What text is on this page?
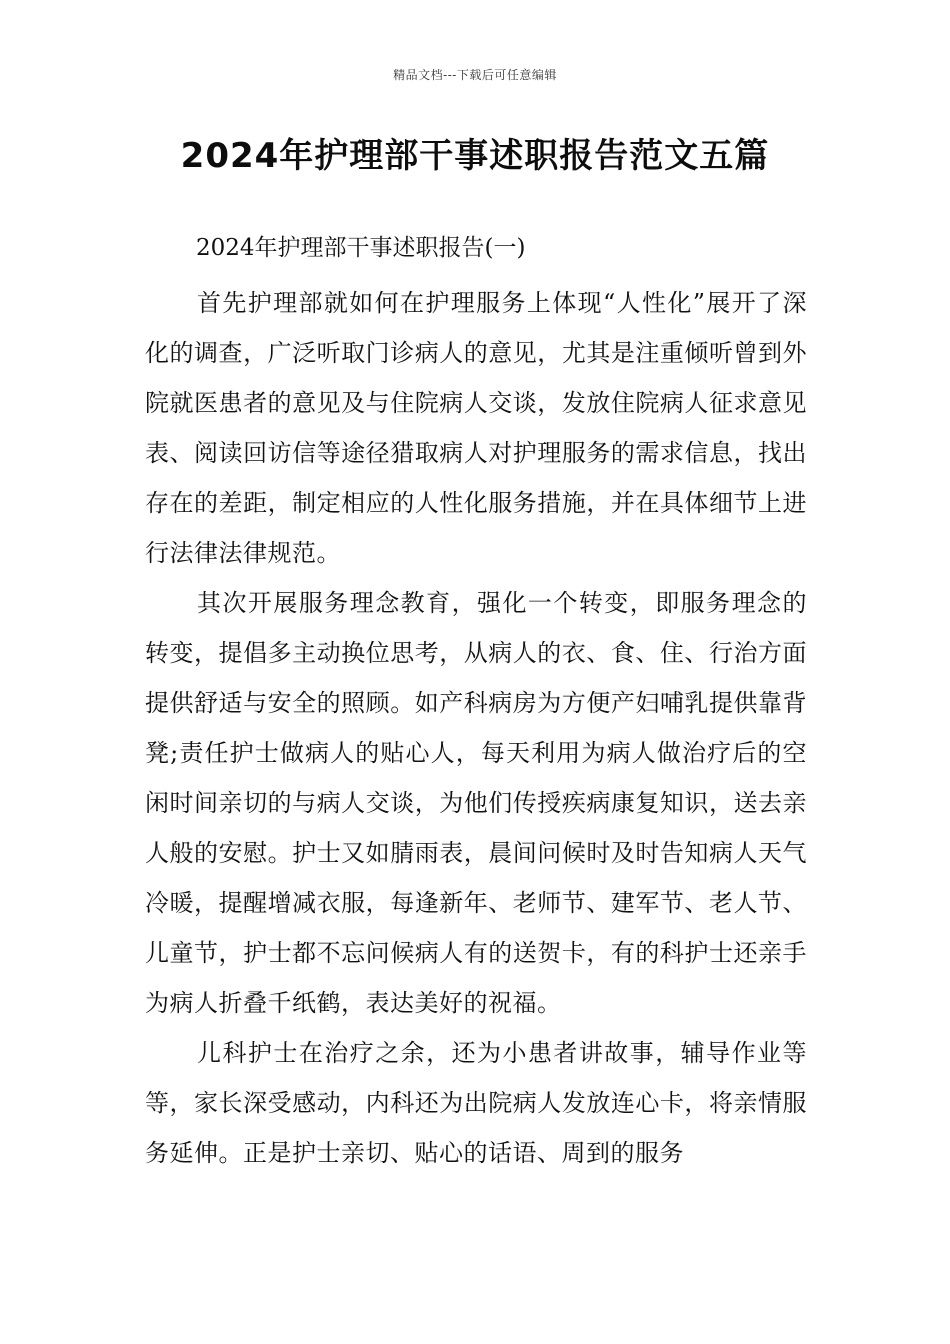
精品文档---下载后可任意编辑
2024年护理部干事述职报告范文五篇
2024年护理部干事述职报告(一)

首先护理部就如何在护理服务上体现“人性化”展开了深化的调查，广泛听取门诊病人的意见，尤其是注重倾听曾到外院就医患者的意见及与住院病人交谈，发放住院病人征求意见表、阅读回访信等途径猎取病人对护理服务的需求信息，找出存在的差距，制定相应的人性化服务措施，并在具体细节上进行法律法律规范。

其次开展服务理念教育，强化一个转变，即服务理念的转变，提倡多主动换位思考，从病人的衣、食、住、行治方面提供舒适与安全的照顾。如产科病房为方便产妇哺乳提供靠背凳;责任护士做病人的贴心人，每天利用为病人做治疗后的空闲时间亲切的与病人交谈，为他们传授疾病康复知识，送去亲人般的安慰。护士又如腈雨表，晨间问候时及时告知病人天气冷暖，提醒增减衣服，每逢新年、老师节、建军节、老人节、儿童节，护士都不忘问候病人有的送贺卡，有的科护士还亲手为病人折叠千纸鹤，表达美好的祝福。

儿科护士在治疗之余，还为小患者讲故事，辅导作业等等，家长深受感动，内科还为出院病人发放连心卡，将亲情服务延伸。正是护士亲切、贴心的话语、周到的服务
